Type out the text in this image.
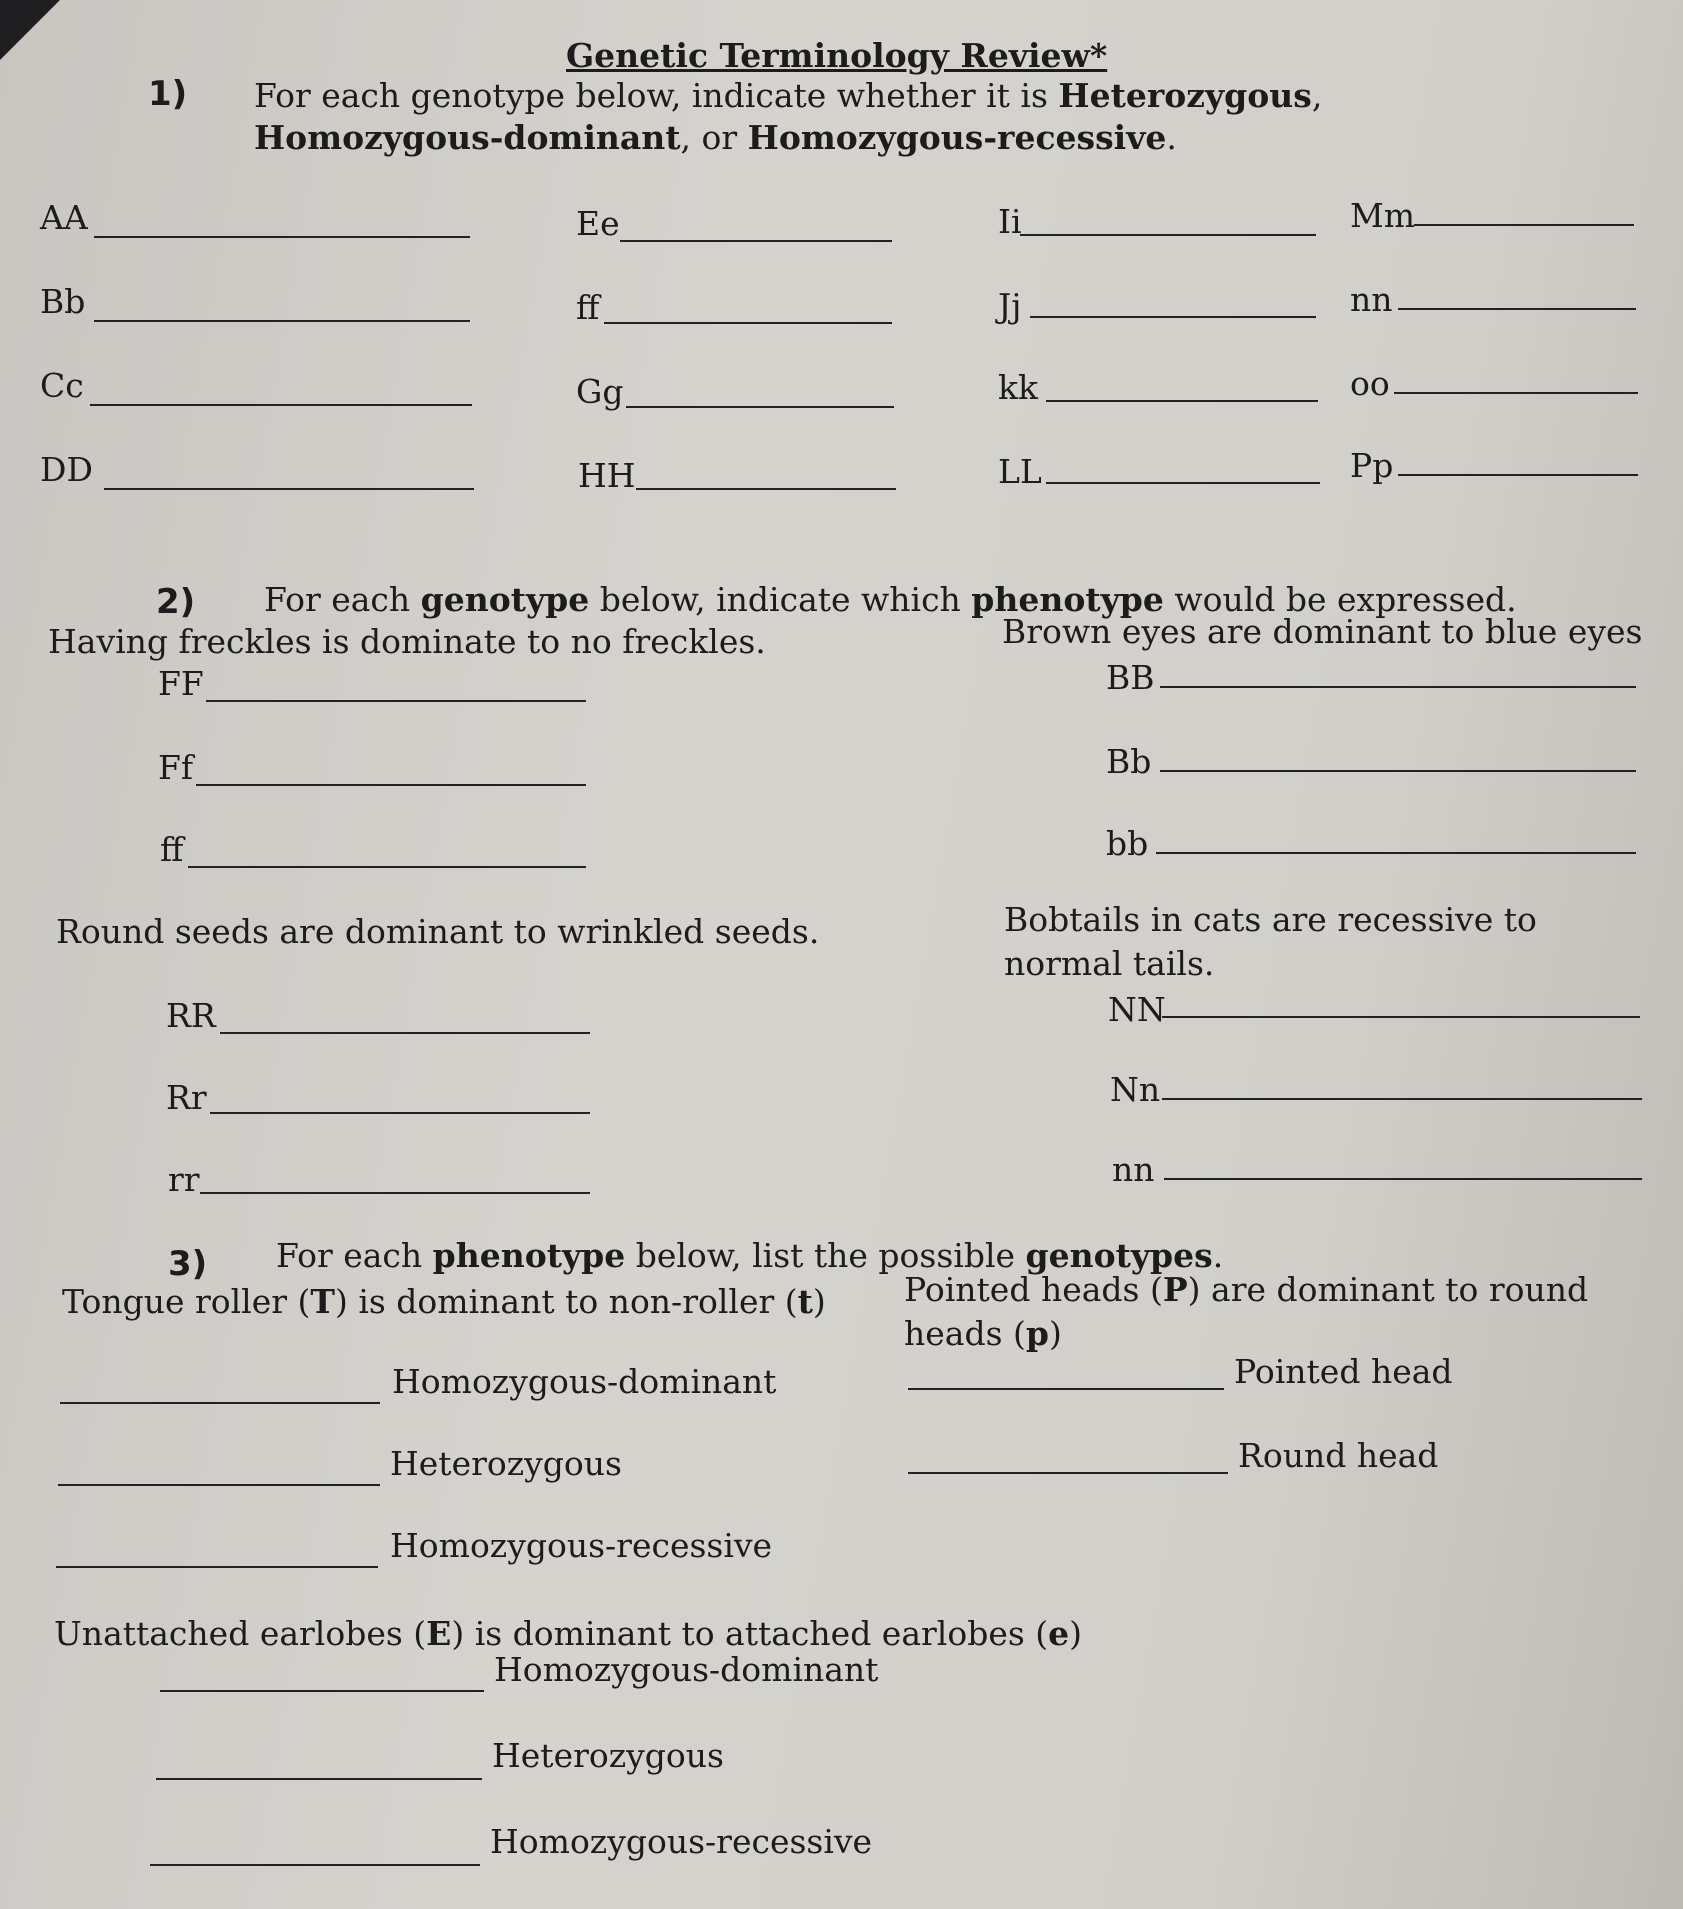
Genetic Terminology Review*
1) For each genotype below, indicate whether it is Heterozygous,
Homozygous-dominant, or Homozygous-recessive.
AA	Ee	Ii	Mm
Bb	ff	Jj	nn
Cc	Gg	kk	oo
DD	HH	LL	Pp
2) For each genotype below, indicate which phenotype would be expressed.
Having freckles is dominate to no freckles.	Brown eyes are dominant to blue eyes
FF	BB
Ff	Bb
ff	bb
Round seeds are dominant to wrinkled seeds.	Bobtails in cats are recessive to
normal tails.
RR	NN
Rr	Nn
rr	nn
3) For each phenotype below, list the possible genotypes.
Tongue roller (T) is dominant to non-roller (t) Pointed heads (P) are dominant to round
heads (p)
Homozygous-dominant	Pointed head
Heterozygous	Round head
Homozygous-recessive
Unattached earlobes (E) is dominant to attached earlobes (e)
Homozygous-dominant
Heterozygous
Homozygous-recessive
